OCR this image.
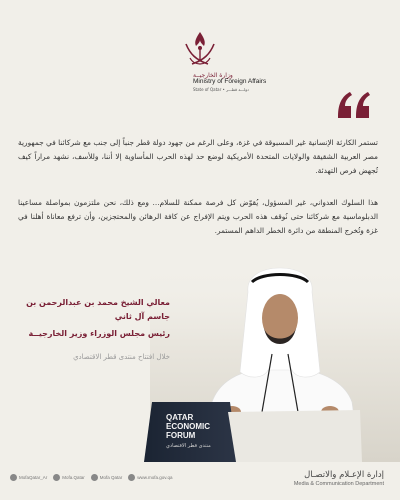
وزارة الخارجيــة
Ministry of Foreign Affairs
State of Qatar • دولـــة قطـــر
تستمر الكارثة الإنسانية غير المسبوقة في غزة، وعلى الرغم من جهود دولة قطر جنباً إلى جنب مع شركائنا في جمهورية مصر العربية الشقيقة والولايات المتحدة الأمريكية لوضع حد لهذه الحرب المأساوية إلا أننا، وللأسف، نشهد مراراً كيف تُجهض فرص التهدئة.
هذا السلوك العدواني، غير المسؤول، يُقوّض كل فرصة ممكنة للسلام... ومع ذلك، نحن ملتزمون بمواصلة مساعينا الدبلوماسية مع شركائنا حتى نُوقف هذه الحرب ويتم الإفراج عن كافة الرهائن والمحتجزين، وأن ترفع معاناة أهلنا في غزة وتُخرج المنطقة من دائرة الخطر الداهم المستمر.
QATAR
ECONOMIC
FORUM
منتدى قطر الاقتصادي
معالي الشيخ محمد بن عبدالرحمن بن جاسم آل ثاني
رئيس مجلس الوزراء وزير الخارجيــة
خلال افتتاح منتدى قطر الاقتصادي
MofaQatar_Ar	Mofa.Qatar	Mofa Qatar	www.mofa.gov.qa	إدارة الإعـلام والاتصـال
Media & Communication Department
